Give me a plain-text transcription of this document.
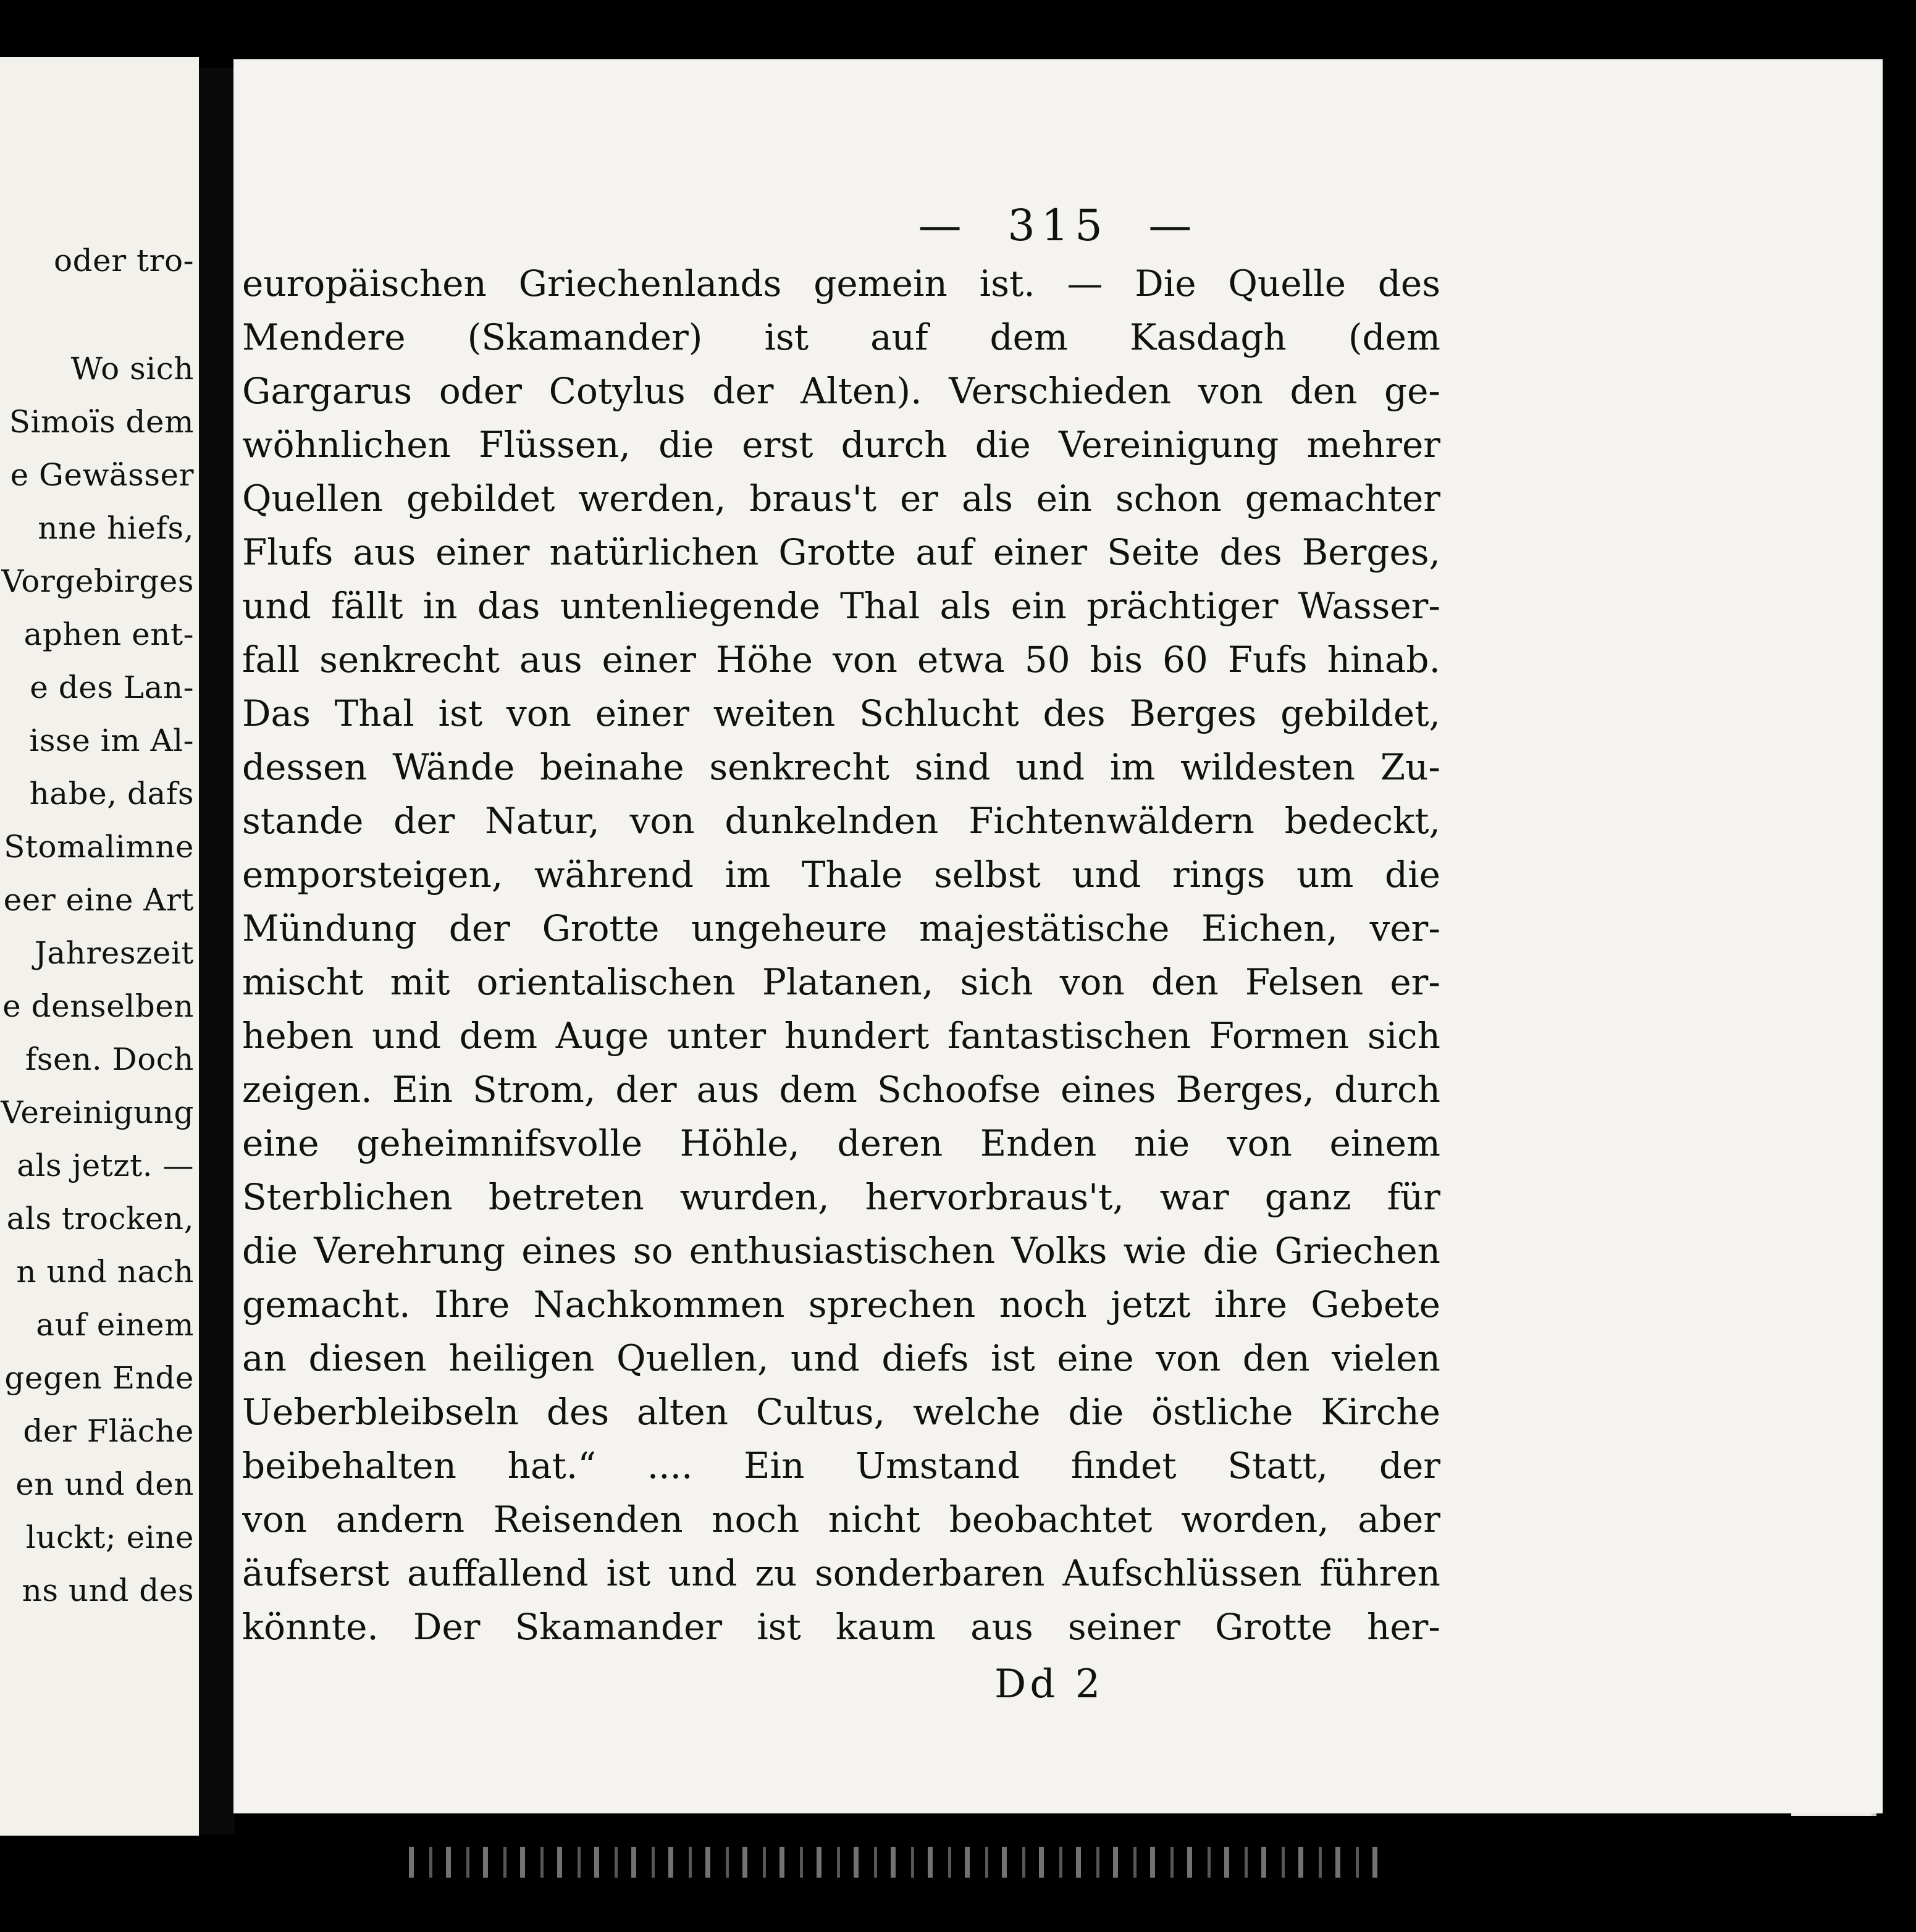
oder tro-
Wo sich
Simoïs dem
e Gewässer
nne hiefs,
Vorgebirges
aphen ent-
e des Lan-
isse im Al-
habe, dafs
Stomalimne
eer eine Art
Jahreszeit
e denselben
fsen. Doch
Vereinigung
als jetzt. —
als trocken,
n und nach
auf einem
gegen Ende
der Fläche
en und den
luckt; eine
ns und des
— 315 —
europäischen Griechenlands gemein ist. — Die Quelle des
Mendere (Skamander) ist auf dem Kasdagh (dem
Gargarus oder Cotylus der Alten). Verschieden von den ge-
wöhnlichen Flüssen, die erst durch die Vereinigung mehrer
Quellen gebildet werden, braus't er als ein schon gemachter
Flufs aus einer natürlichen Grotte auf einer Seite des Berges,
und fällt in das untenliegende Thal als ein prächtiger Wasser-
fall senkrecht aus einer Höhe von etwa 50 bis 60 Fufs hinab.
Das Thal ist von einer weiten Schlucht des Berges gebildet,
dessen Wände beinahe senkrecht sind und im wildesten Zu-
stande der Natur, von dunkelnden Fichtenwäldern bedeckt,
emporsteigen, während im Thale selbst und rings um die
Mündung der Grotte ungeheure majestätische Eichen, ver-
mischt mit orientalischen Platanen, sich von den Felsen er-
heben und dem Auge unter hundert fantastischen Formen sich
zeigen. Ein Strom, der aus dem Schoofse eines Berges, durch
eine geheimnifsvolle Höhle, deren Enden nie von einem
Sterblichen betreten wurden, hervorbraus't, war ganz für
die Verehrung eines so enthusiastischen Volks wie die Griechen
gemacht. Ihre Nachkommen sprechen noch jetzt ihre Gebete
an diesen heiligen Quellen, und diefs ist eine von den vielen
Ueberbleibseln des alten Cultus, welche die östliche Kirche
beibehalten hat.“ .... Ein Umstand findet Statt, der
von andern Reisenden noch nicht beobachtet worden, aber
äufserst auffallend ist und zu sonderbaren Aufschlüssen führen
könnte. Der Skamander ist kaum aus seiner Grotte her-
Dd 2
